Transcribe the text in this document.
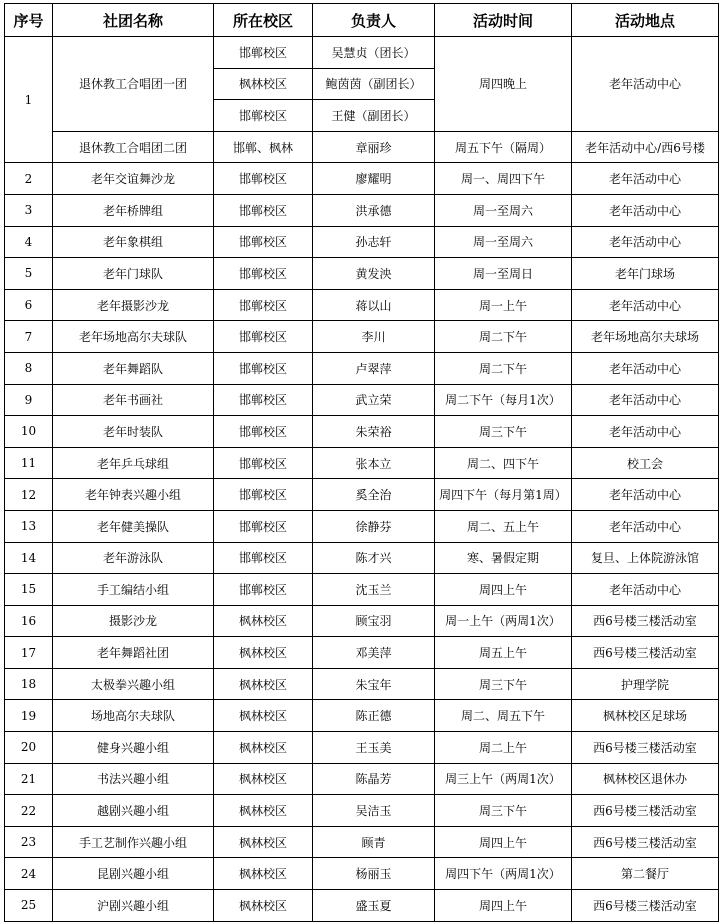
序号	社团名称	所在校区	负责人	活动时间	活动地点
1	退休教工合唱团一团	邯郸校区	吴慧贞（团长）	周四晚上	老年活动中心
		枫林校区	鲍茵茵（副团长）		
		邯郸校区	王健（副团长）		
	退休教工合唱团二团	邯郸、枫林	章丽珍	周五下午（隔周）	老年活动中心/西6号楼
2	老年交谊舞沙龙	邯郸校区	廖耀明	周一、周四下午	老年活动中心
3	老年桥牌组	邯郸校区	洪承德	周一至周六	老年活动中心
4	老年象棋组	邯郸校区	孙志轩	周一至周六	老年活动中心
5	老年门球队	邯郸校区	黄发泱	周一至周日	老年门球场
6	老年摄影沙龙	邯郸校区	蒋以山	周一上午	老年活动中心
7	老年场地高尔夫球队	邯郸校区	李川	周二下午	老年场地高尔夫球场
8	老年舞蹈队	邯郸校区	卢翠萍	周二下午	老年活动中心
9	老年书画社	邯郸校区	武立荣	周二下午（每月1次）	老年活动中心
10	老年时装队	邯郸校区	朱荣裕	周三下午	老年活动中心
11	老年乒乓球组	邯郸校区	张本立	周二、四下午	校工会
12	老年钟表兴趣小组	邯郸校区	奚全治	周四下午（每月第1周）	老年活动中心
13	老年健美操队	邯郸校区	徐静芬	周二、五上午	老年活动中心
14	老年游泳队	邯郸校区	陈才兴	寒、暑假定期	复旦、上体院游泳馆
15	手工编结小组	邯郸校区	沈玉兰	周四上午	老年活动中心
16	摄影沙龙	枫林校区	顾宝羽	周一上午（两周1次）	西6号楼三楼活动室
17	老年舞蹈社团	枫林校区	邓美萍	周五上午	西6号楼三楼活动室
18	太极拳兴趣小组	枫林校区	朱宝年	周三下午	护理学院
19	场地高尔夫球队	枫林校区	陈正德	周二、周五下午	枫林校区足球场
20	健身兴趣小组	枫林校区	王玉美	周二上午	西6号楼三楼活动室
21	书法兴趣小组	枫林校区	陈晶芳	周三上午（两周1次）	枫林校区退休办
22	越剧兴趣小组	枫林校区	吴洁玉	周三下午	西6号楼三楼活动室
23	手工艺制作兴趣小组	枫林校区	顾青	周四上午	西6号楼三楼活动室
24	昆剧兴趣小组	枫林校区	杨丽玉	周四下午（两周1次）	第二餐厅
25	沪剧兴趣小组	枫林校区	盛玉夏	周四上午	西6号楼三楼活动室
